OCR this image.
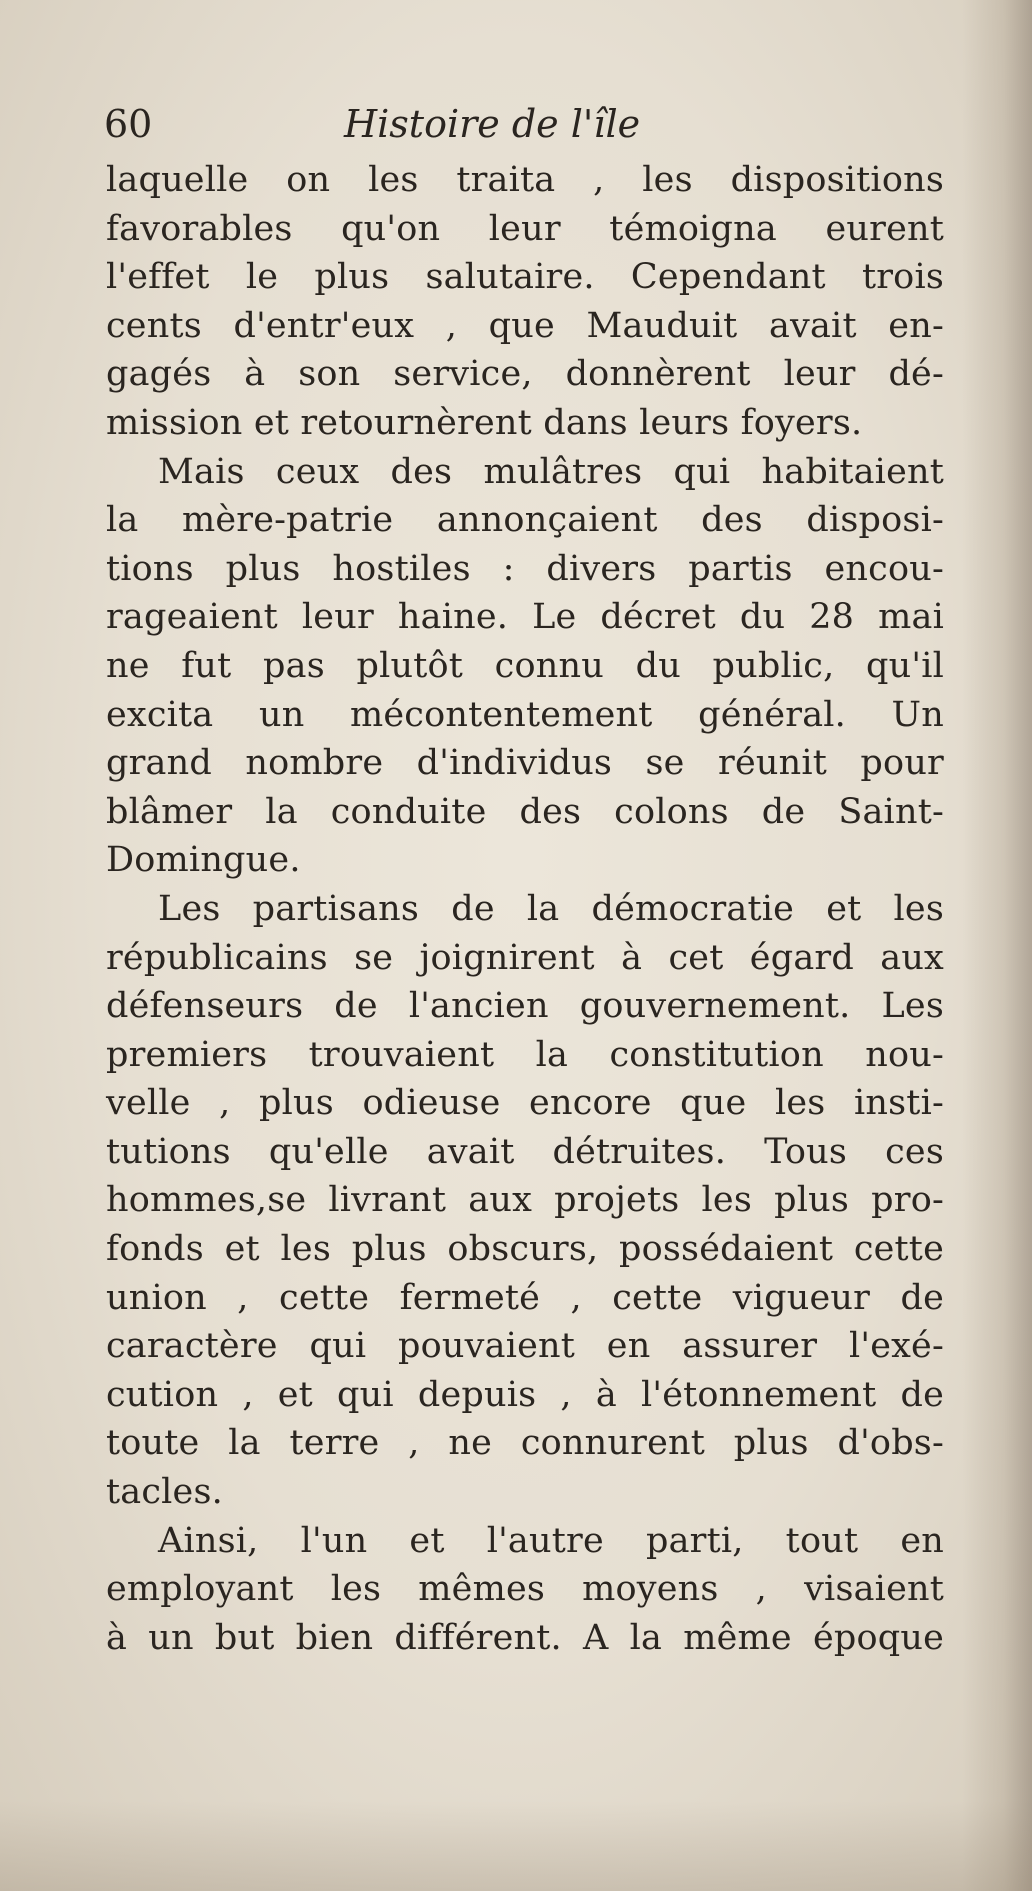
60	Histoire de l'île
laquelle on les traita , les dispositions
favorables qu'on leur témoigna eurent
l'effet le plus salutaire. Cependant trois
cents d'entr'eux , que Mauduit avait en-
gagés à son service, donnèrent leur dé-
mission et retournèrent dans leurs foyers.
Mais ceux des mulâtres qui habitaient
la mère-patrie annonçaient des disposi-
tions plus hostiles : divers partis encou-
rageaient leur haine. Le décret du 28 mai
ne fut pas plutôt connu du public, qu'il
excita un mécontentement général. Un
grand nombre d'individus se réunit pour
blâmer la conduite des colons de Saint-
Domingue.
Les partisans de la démocratie et les
républicains se joignirent à cet égard aux
défenseurs de l'ancien gouvernement. Les
premiers trouvaient la constitution nou-
velle , plus odieuse encore que les insti-
tutions qu'elle avait détruites. Tous ces
hommes,se livrant aux projets les plus pro-
fonds et les plus obscurs, possédaient cette
union , cette fermeté , cette vigueur de
caractère qui pouvaient en assurer l'exé-
cution , et qui depuis , à l'étonnement de
toute la terre , ne connurent plus d'obs-
tacles.
Ainsi, l'un et l'autre parti, tout en
employant les mêmes moyens , visaient
à un but bien différent. A la même époque
